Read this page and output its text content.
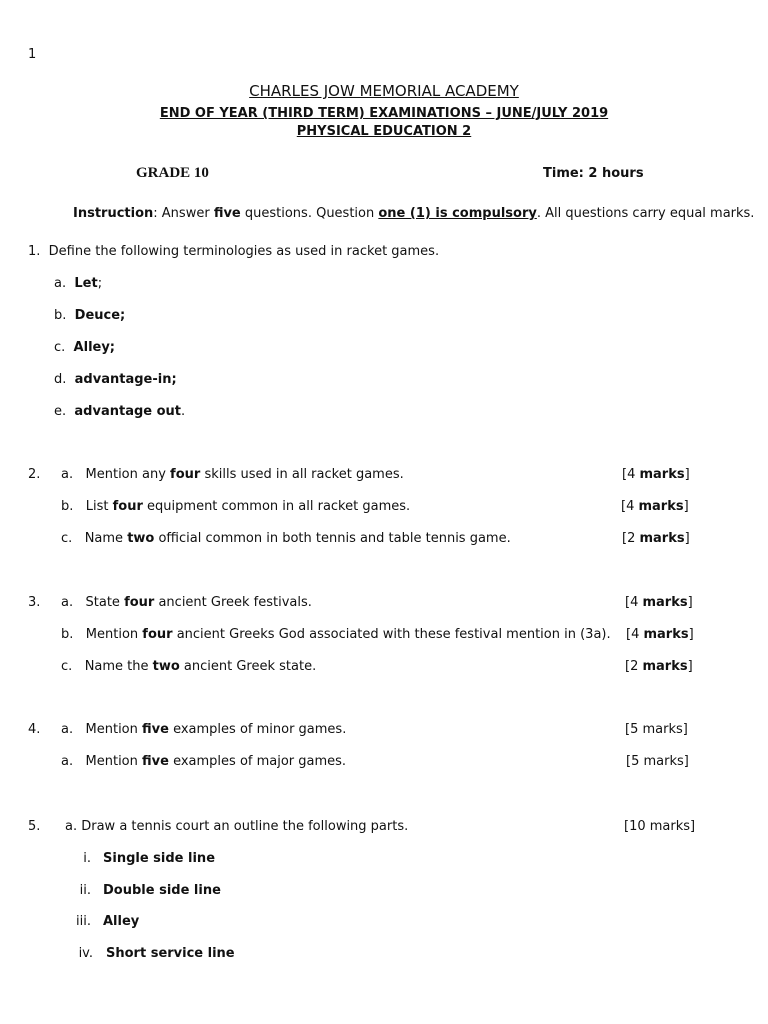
1
CHARLES JOW MEMORIAL ACADEMY
END OF YEAR (THIRD TERM) EXAMINATIONS – JUNE/JULY 2019
PHYSICAL EDUCATION 2
GRADE 10	Time: 2 hours
Instruction: Answer five questions. Question one (1) is compulsory. All questions carry equal marks.
1. Define the following terminologies as used in racket games.
a. Let;
b. Deuce;
c. Alley;
d. advantage-in;
e. advantage out.
2. a. Mention any four skills used in all racket games.	[4 marks]
b. List four equipment common in all racket games.	[4 marks]
c. Name two official common in both tennis and table tennis game.	[2 marks]
3. a. State four ancient Greek festivals.	[4 marks]
b. Mention four ancient Greeks God associated with these festival mention in (3a). [4 marks]
c. Name the two ancient Greek state.	[2 marks]
4. a. Mention five examples of minor games.	[5 marks]
a. Mention five examples of major games.	[5 marks]
5. a. Draw a tennis court an outline the following parts.	[10 marks]
i. Single side line
ii. Double side line
iii. Alley
iv. Short service line
